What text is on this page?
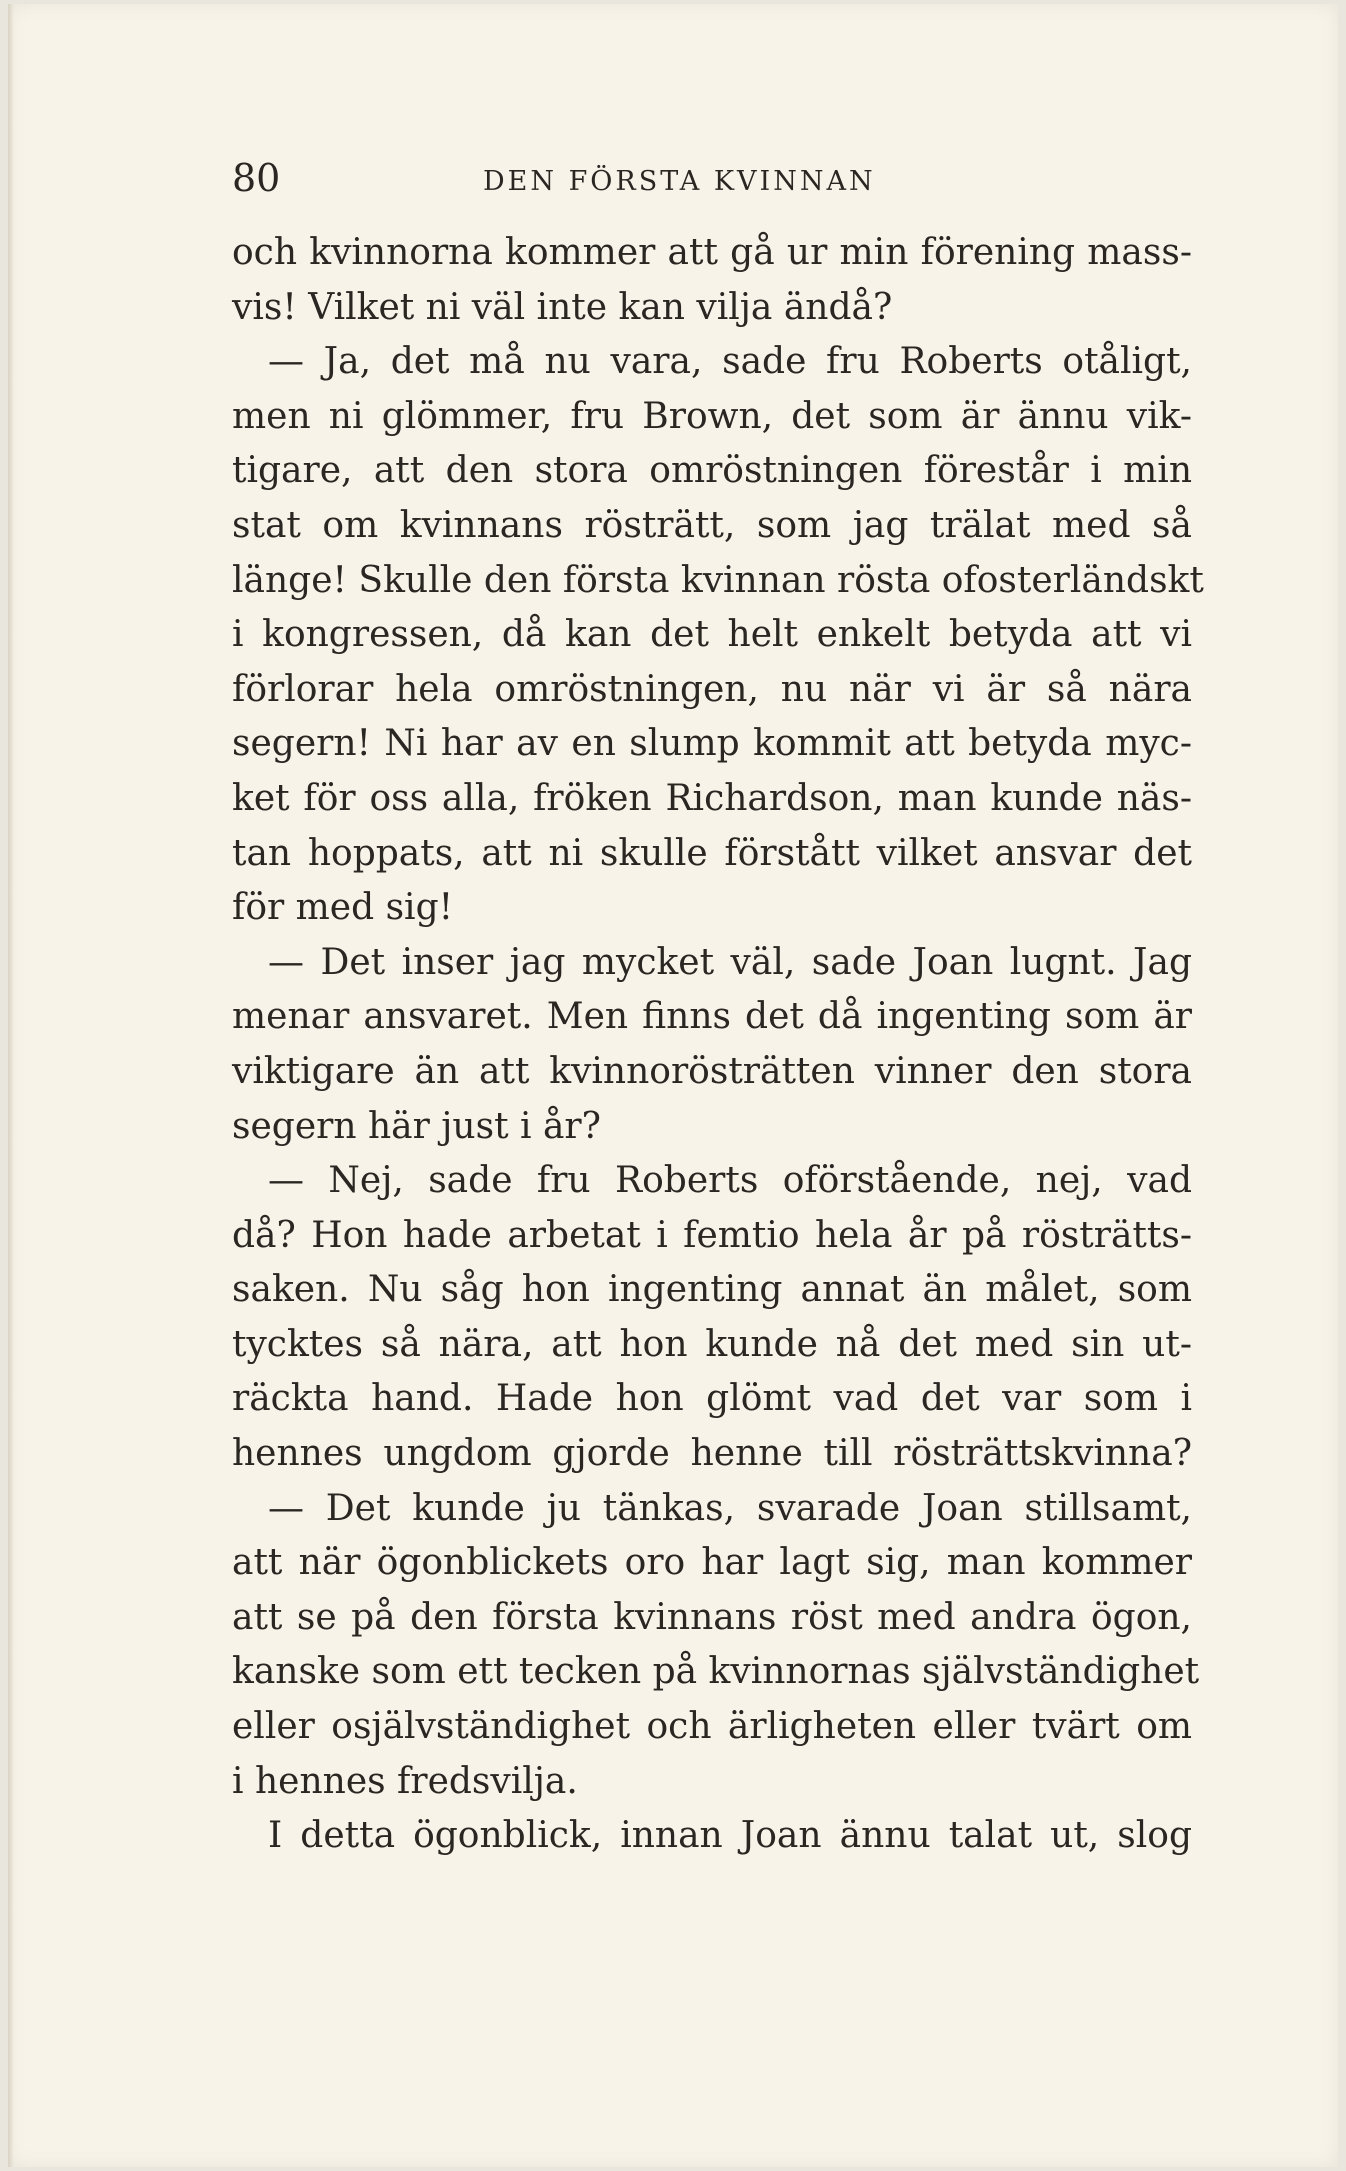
80	DEN FÖRSTA KVINNAN
och kvinnorna kommer att gå ur min förening mass-
vis! Vilket ni väl inte kan vilja ändå?
— Ja, det må nu vara, sade fru Roberts otåligt,
men ni glömmer, fru Brown, det som är ännu vik-
tigare, att den stora omröstningen förestår i min
stat om kvinnans rösträtt, som jag trälat med så
länge! Skulle den första kvinnan rösta ofosterländskt
i kongressen, då kan det helt enkelt betyda att vi
förlorar hela omröstningen, nu när vi är så nära
segern! Ni har av en slump kommit att betyda myc-
ket för oss alla, fröken Richardson, man kunde näs-
tan hoppats, att ni skulle förstått vilket ansvar det
för med sig!
— Det inser jag mycket väl, sade Joan lugnt. Jag
menar ansvaret. Men finns det då ingenting som är
viktigare än att kvinnorösträtten vinner den stora
segern här just i år?
— Nej, sade fru Roberts oförstående, nej, vad
då? Hon hade arbetat i femtio hela år på rösträtts-
saken. Nu såg hon ingenting annat än målet, som
tycktes så nära, att hon kunde nå det med sin ut-
räckta hand. Hade hon glömt vad det var som i
hennes ungdom gjorde henne till rösträttskvinna?
— Det kunde ju tänkas, svarade Joan stillsamt,
att när ögonblickets oro har lagt sig, man kommer
att se på den första kvinnans röst med andra ögon,
kanske som ett tecken på kvinnornas självständighet
eller osjälvständighet och ärligheten eller tvärt om
i hennes fredsvilja.
I detta ögonblick, innan Joan ännu talat ut, slog
